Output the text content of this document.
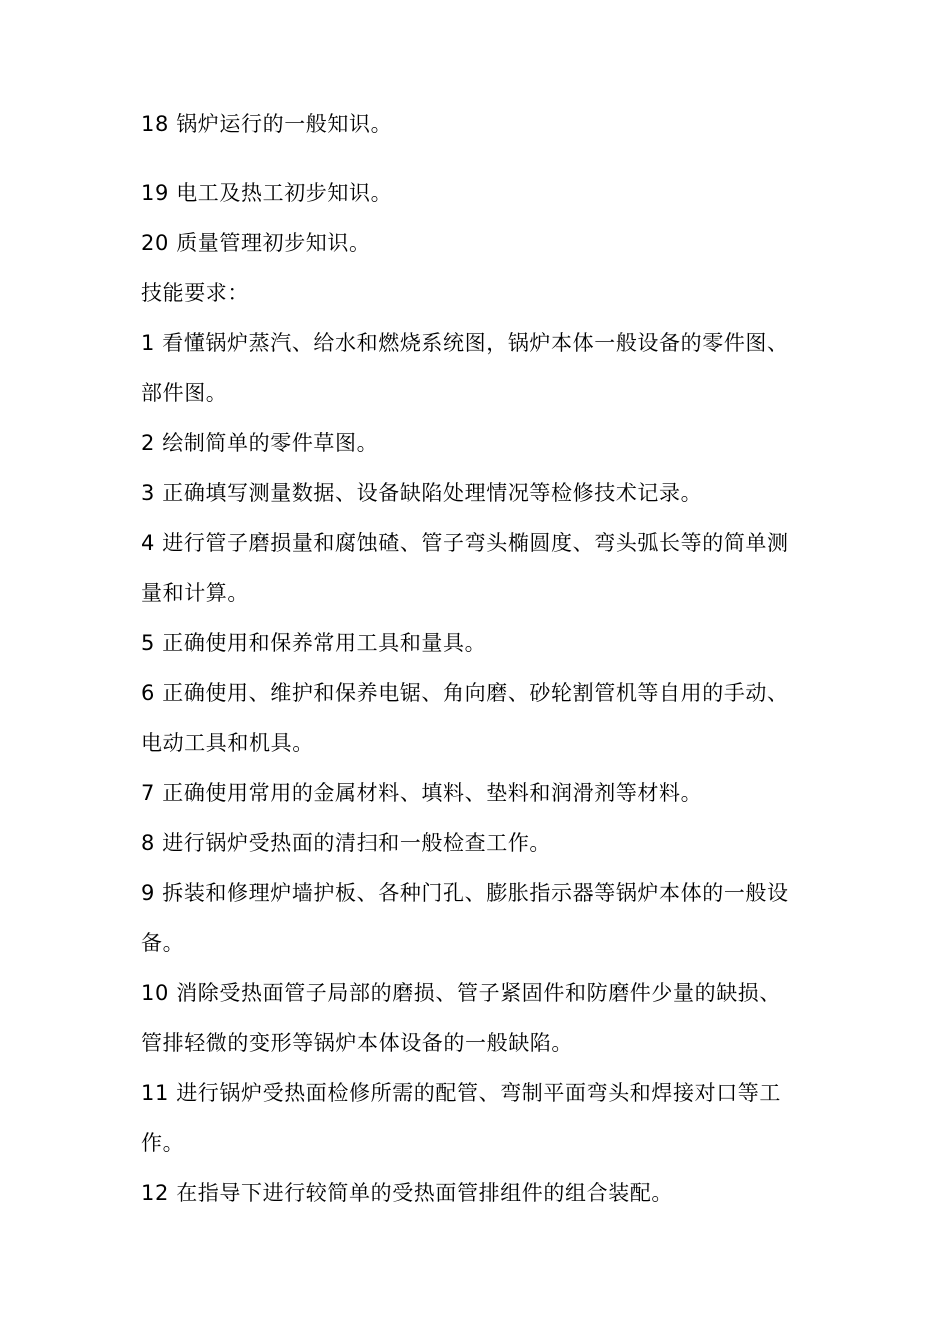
18 锅炉运行的一般知识。
19 电工及热工初步知识。
20 质量管理初步知识。
技能要求：
1 看懂锅炉蒸汽、给水和燃烧系统图，锅炉本体一般设备的零件图、
部件图。
2 绘制简单的零件草图。
3 正确填写测量数据、设备缺陷处理情况等检修技术记录。
4 进行管子磨损量和腐蚀碴、管子弯头椭圆度、弯头弧长等的简单测
量和计算。
5 正确使用和保养常用工具和量具。
6 正确使用、维护和保养电锯、角向磨、砂轮割管机等自用的手动、
电动工具和机具。
7 正确使用常用的金属材料、填料、垫料和润滑剂等材料。
8 进行锅炉受热面的清扫和一般检查工作。
9 拆装和修理炉墙护板、各种门孔、膨胀指示器等锅炉本体的一般设
备。
10 消除受热面管子局部的磨损、管子紧固件和防磨件少量的缺损、
管排轻微的变形等锅炉本体设备的一般缺陷。
11 进行锅炉受热面检修所需的配管、弯制平面弯头和焊接对口等工
作。
12 在指导下进行较简单的受热面管排组件的组合装配。
